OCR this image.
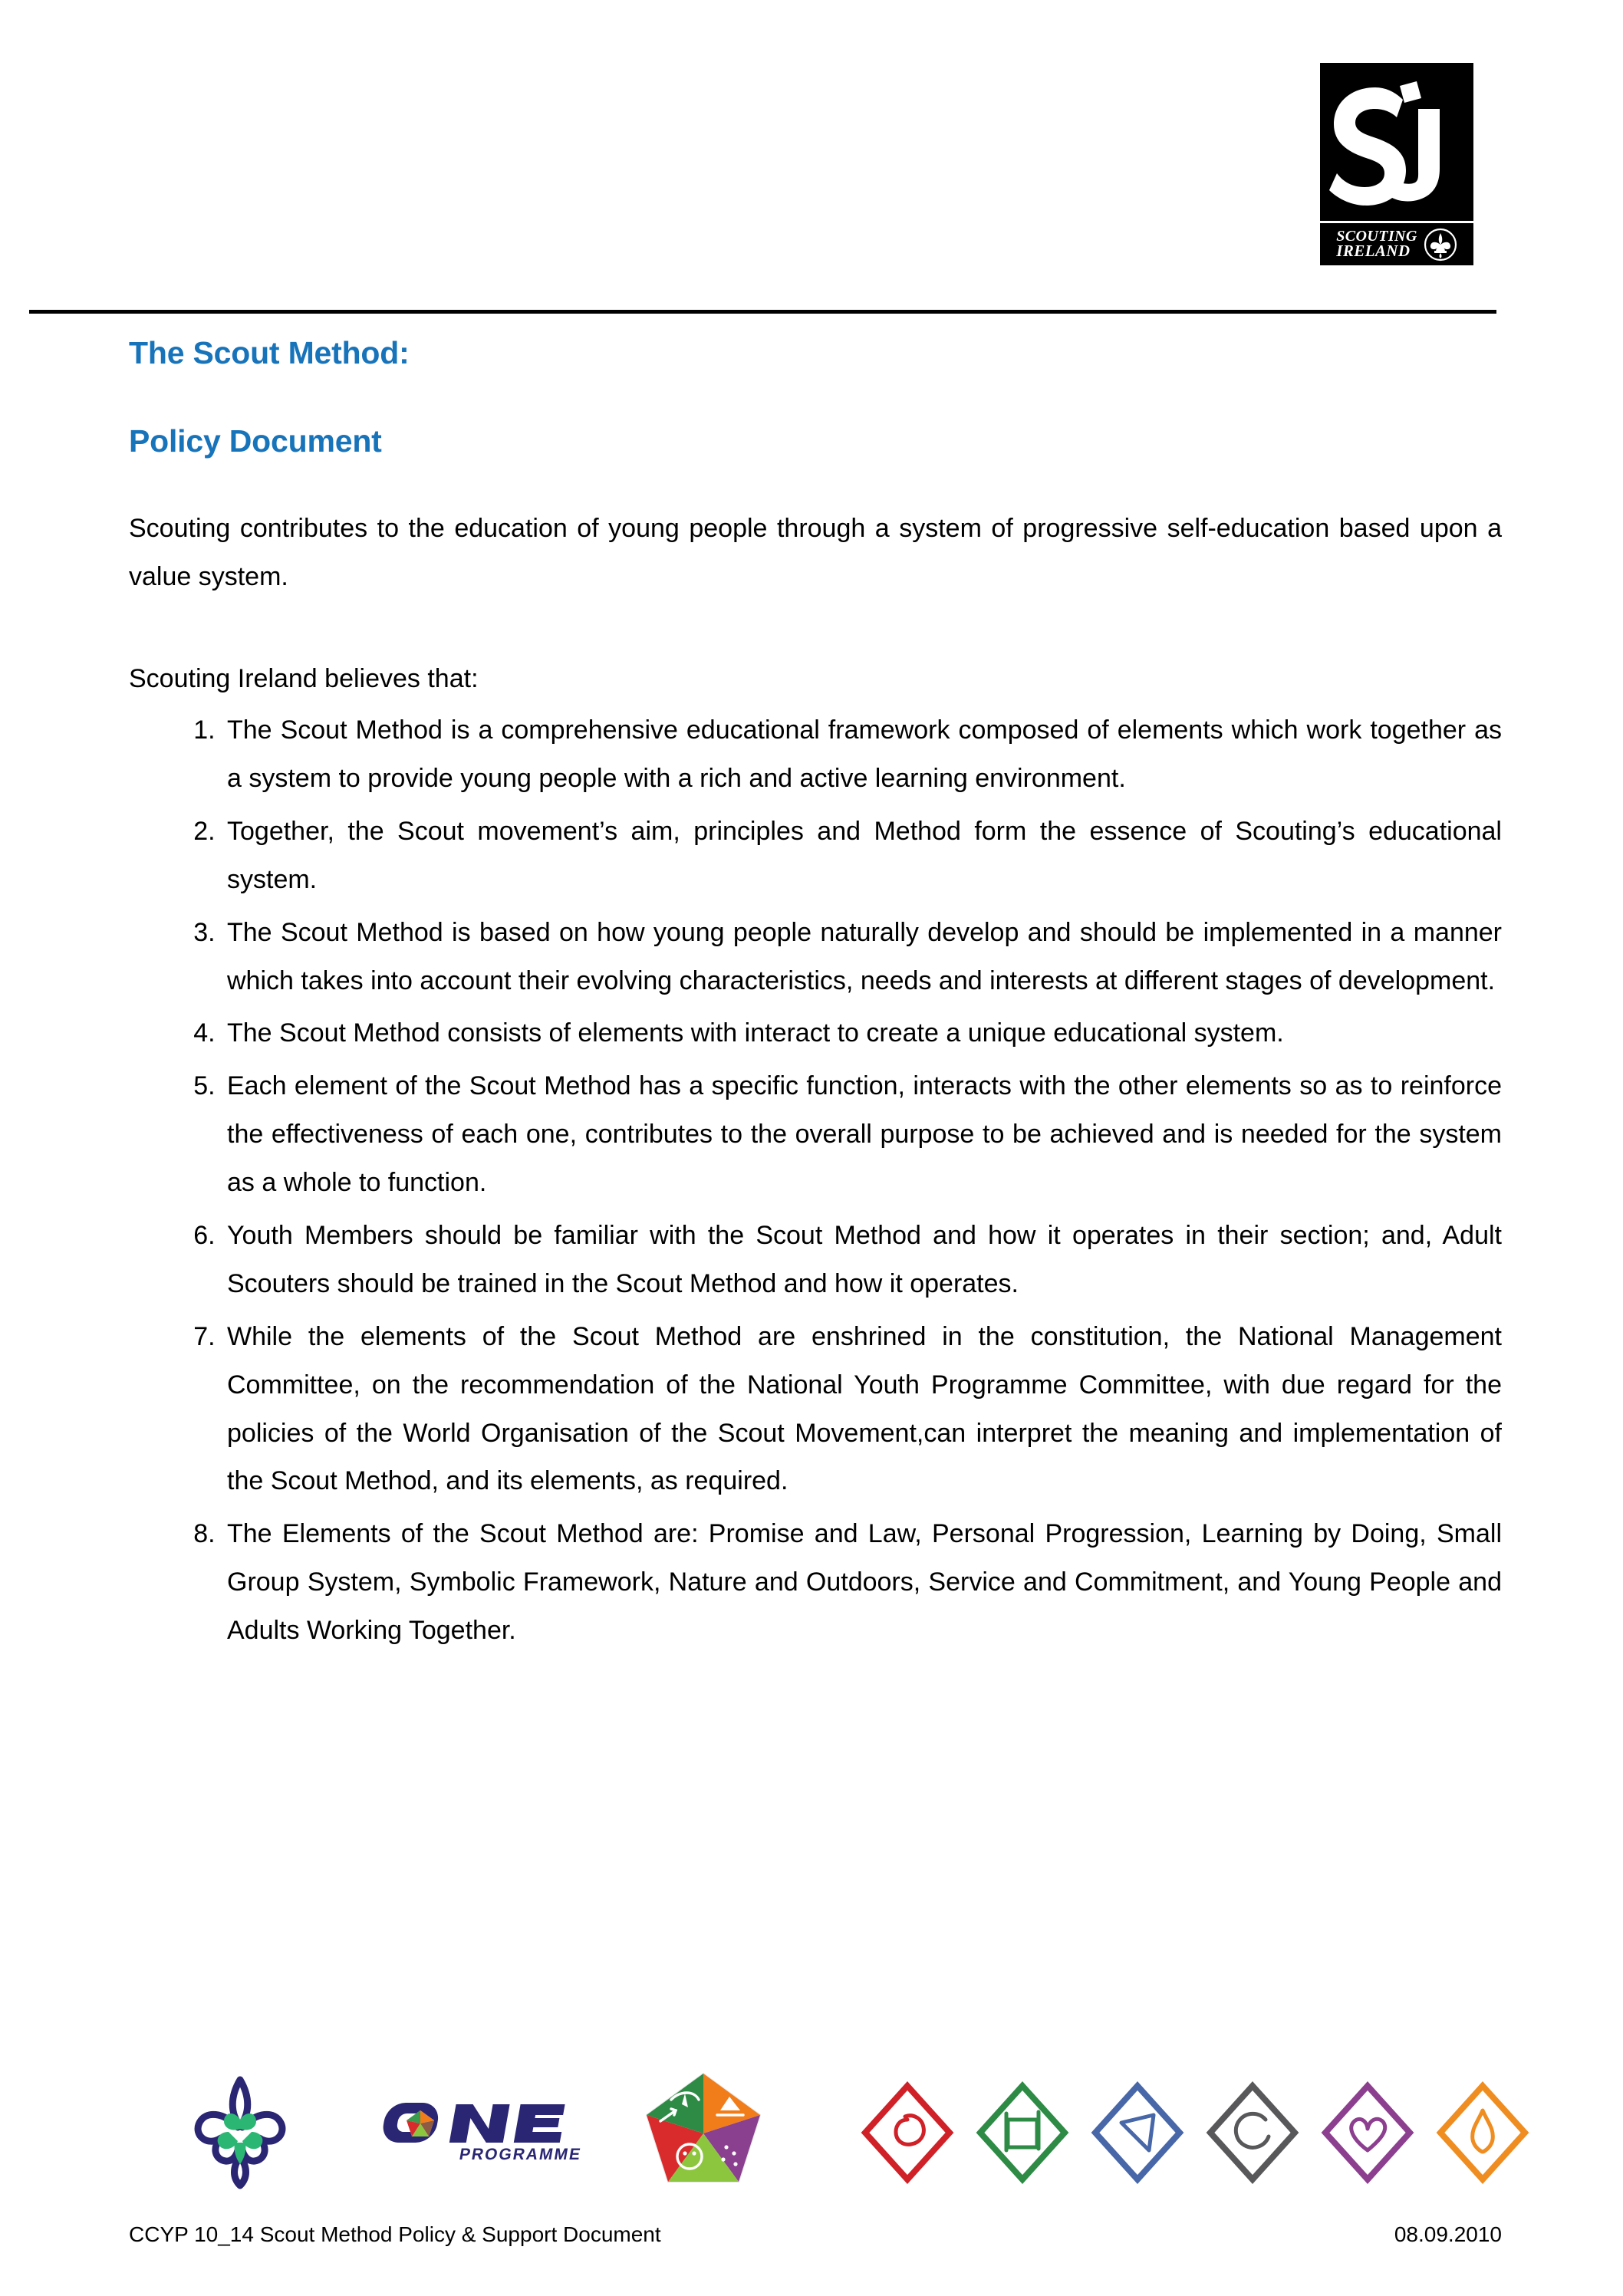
SCOUTING
IRELAND
The Scout Method:
Policy Document

Scouting contributes to the education of young people through a system of progressive self-education based upon a value system.

Scouting Ireland believes that:

1. The Scout Method is a comprehensive educational framework composed of elements which work together as a system to provide young people with a rich and active learning environment.
2. Together, the Scout movement’s aim, principles and Method form the essence of Scouting’s educational system.
3. The Scout Method is based on how young people naturally develop and should be implemented in a manner which takes into account their evolving characteristics, needs and interests at different stages of development.
4. The Scout Method consists of elements with interact to create a unique educational system.
5. Each element of the Scout Method has a specific function, interacts with the other elements so as to reinforce the effectiveness of each one, contributes to the overall purpose to be achieved and is needed for the system as a whole to function.
6. Youth Members should be familiar with the Scout Method and how it operates in their section; and, Adult Scouters should be trained in the Scout Method and how it operates.
7. While the elements of the Scout Method are enshrined in the constitution, the National Management Committee, on the recommendation of the National Youth Programme Committee, with due regard for the policies of the World Organisation of the Scout Movement,can interpret the meaning and implementation of the Scout Method, and its elements, as required.
8. The Elements of the Scout Method are: Promise and Law, Personal Progression, Learning by Doing, Small Group System, Symbolic Framework, Nature and Outdoors, Service and Commitment, and Young People and Adults Working Together.
PROGRAMME
CCYP 10_14 Scout Method Policy & Support Document	08.09.2010
